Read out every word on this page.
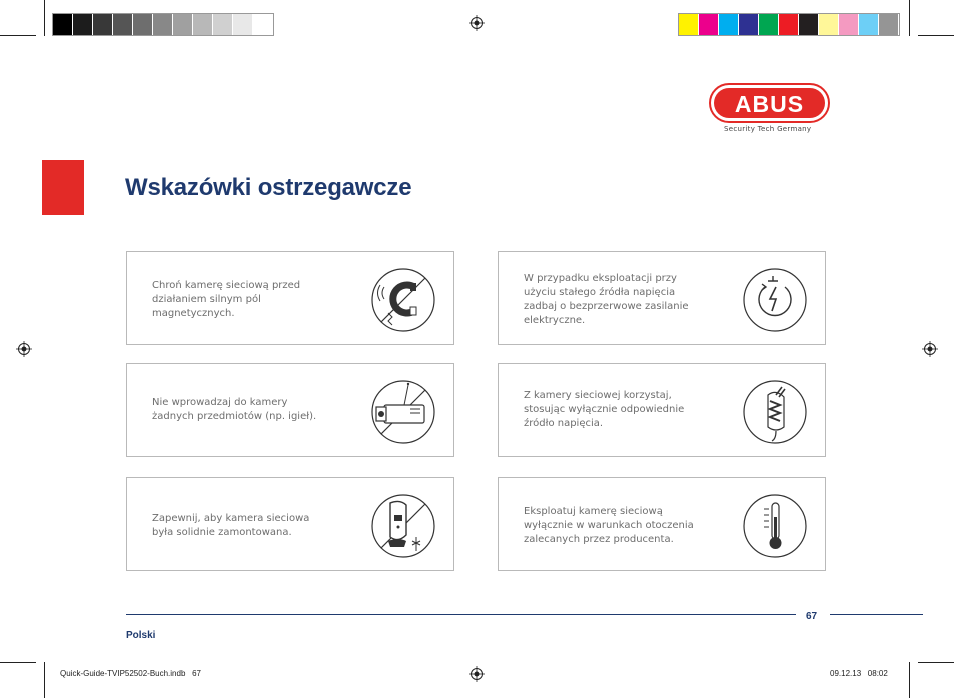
ABUS
Security Tech Germany
Wskazówki ostrzegawcze
Chroń kamerę sieciową przed
działaniem silnym pól
magnetycznych.
W przypadku eksploatacji przy
użyciu stałego źródła napięcia
zadbaj o bezprzerwowe zasilanie
elektryczne.
Nie wprowadzaj do kamery
żadnych przedmiotów (np. igieł).
Z kamery sieciowej korzystaj,
stosując wyłącznie odpowiednie
źródło napięcia.
Zapewnij, aby kamera sieciowa
była solidnie zamontowana.
Eksploatuj kamerę sieciową
wyłącznie w warunkach otoczenia
zalecanych przez producenta.
67
Polski
Quick-Guide-TVIP52502-Buch.indb   67	09.12.13   08:02
